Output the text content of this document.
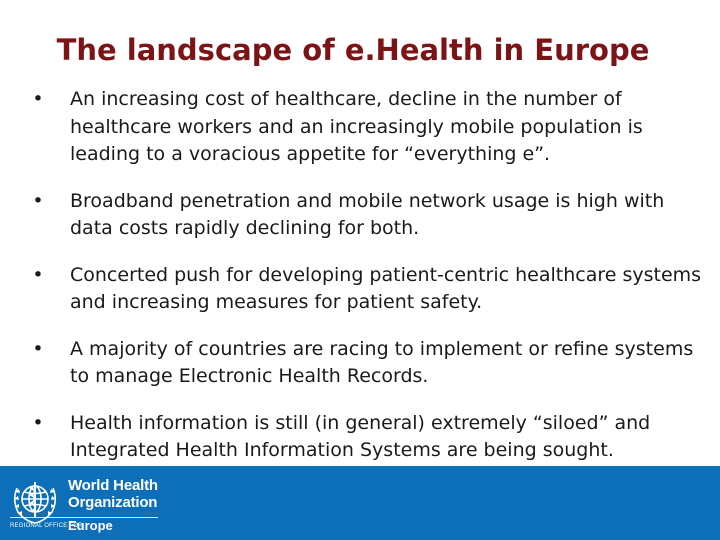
The landscape of e.Health in Europe
• An increasing cost of healthcare, decline in the number of healthcare workers and an increasingly mobile population is leading to a voracious appetite for “everything e”.
• Broadband penetration and mobile network usage is high with data costs rapidly declining for both.
• Concerted push for developing patient-centric healthcare systems and increasing measures for patient safety.
• A majority of countries are racing to implement or refine systems to manage Electronic Health Records.
• Health information is still (in general) extremely “siloed” and Integrated Health Information Systems are being sought.
World Health
Organization
REGIONAL OFFICE FOR
Europe
